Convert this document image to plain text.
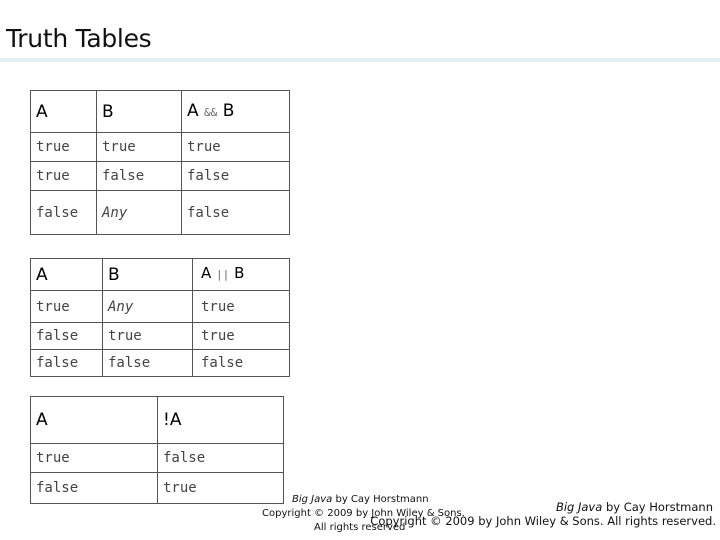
Truth Tables
A	B	A && B
true	true	true
true	false	false
false	Any	false
A	B	A || B
true	Any	true
false	true	true
false	false	false
A	!A
true	false
false	true
Big Java by Cay Horstmann
Copyright © 2009 by John Wiley & Sons.
All rights reserved
Big Java by Cay Horstmann
Copyright © 2009 by John Wiley & Sons. All rights reserved.
